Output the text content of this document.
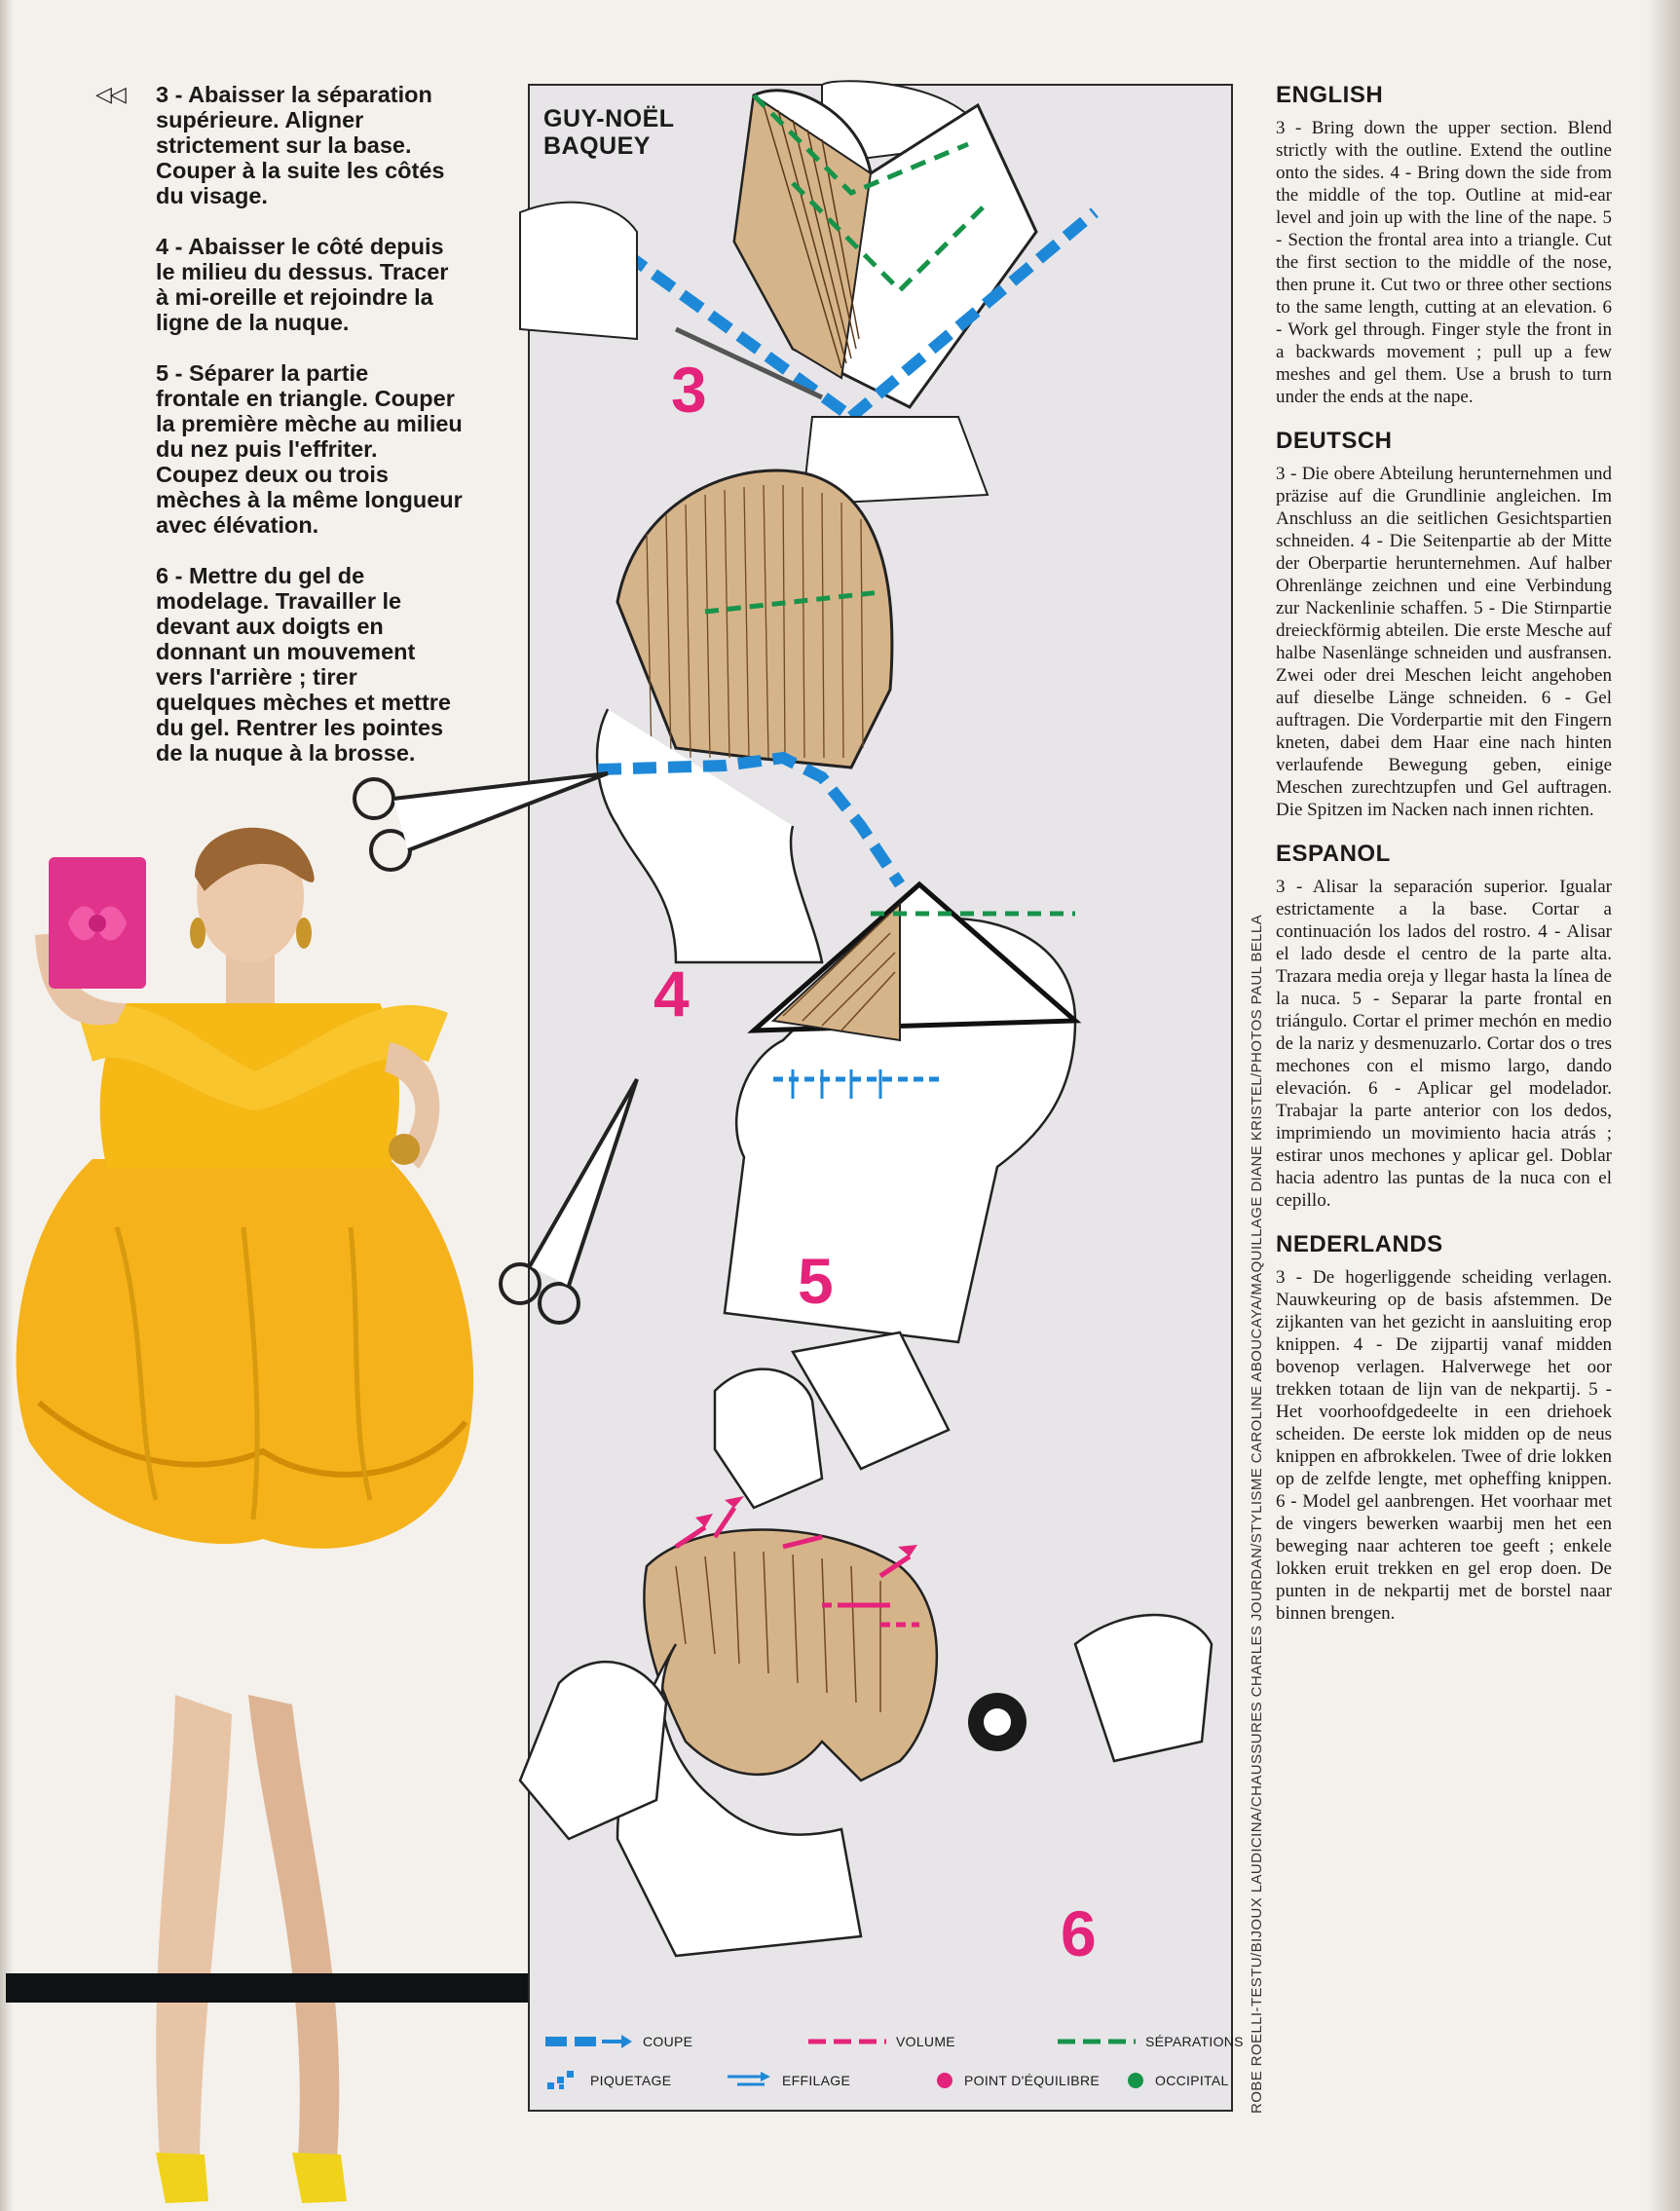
◁◁ 3 - Abaisser la séparation
supérieure. Aligner
strictement sur la base.
Couper à la suite les côtés
du visage.

4 - Abaisser le côté depuis
le milieu du dessus. Tracer
à mi-oreille et rejoindre la
ligne de la nuque.

5 - Séparer la partie
frontale en triangle. Couper
la première mèche au milieu
du nez puis l'effriter.
Coupez deux ou trois
mèches à la même longueur
avec élévation.

6 - Mettre du gel de
modelage. Travailler le
devant aux doigts en
donnant un mouvement
vers l'arrière ; tirer
quelques mèches et mettre
du gel. Rentrer les pointes
de la nuque à la brosse.

GUY-NOËL
BAQUEY
3
4
5
6
COUPE	VOLUME	SÉPARATIONS
PIQUETAGE	EFFILAGE	POINT D'ÉQUILIBRE	OCCIPITAL ROBE ROELLI-TESTU/BIJOUX LAUDICINA/CHAUSSURES CHARLES JOURDAN/STYLISME CAROLINE ABOUCAYA/MAQUILLAGE DIANE KRISTEL/PHOTOS PAUL BELLA
ENGLISH

3 - Bring down the upper section. Blend strictly with the outline. Extend the outline onto the sides. 4 - Bring down the side from the middle of the top. Outline at mid-ear level and join up with the line of the nape. 5 - Section the frontal area into a triangle. Cut the first section to the middle of the nose, then prune it. Cut two or three other sections to the same length, cutting at an elevation. 6 - Work gel through. Finger style the front in a backwards movement ; pull up a few meshes and gel them. Use a brush to turn under the ends at the nape.

DEUTSCH

3 - Die obere Abteilung herunternehmen und präzise auf die Grundlinie angleichen. Im Anschluss an die seitlichen Gesichtspartien schneiden. 4 - Die Seitenpartie ab der Mitte der Oberpartie herunternehmen. Auf halber Ohrenlänge zeichnen und eine Verbindung zur Nackenlinie schaffen. 5 - Die Stirnpartie dreieckförmig abteilen. Die erste Mesche auf halbe Nasenlänge schneiden und ausfransen. Zwei oder drei Meschen leicht angehoben auf dieselbe Länge schneiden. 6 - Gel auftragen. Die Vorderpartie mit den Fingern kneten, dabei dem Haar eine nach hinten verlaufende Bewegung geben, einige Meschen zurechtzupfen und Gel auftragen. Die Spitzen im Nacken nach innen richten.

ESPANOL

3 - Alisar la separación superior. Igualar estrictamente a la base. Cortar a continuación los lados del rostro. 4 - Alisar el lado desde el centro de la parte alta. Trazara media oreja y llegar hasta la línea de la nuca. 5 - Separar la parte frontal en triángulo. Cortar el primer mechón en medio de la nariz y desmenuzarlo. Cortar dos o tres mechones con el mismo largo, dando elevación. 6 - Aplicar gel modelador. Trabajar la parte anterior con los dedos, imprimiendo un movimiento hacia atrás ; estirar unos mechones y aplicar gel. Doblar hacia adentro las puntas de la nuca con el cepillo.

NEDERLANDS

3 - De hogerliggende scheiding verlagen. Nauwkeuring op de basis afstemmen. De zijkanten van het gezicht in aansluiting erop knippen. 4 - De zijpartij vanaf midden bovenop verlagen. Halverwege het oor trekken totaan de lijn van de nekpartij. 5 - Het voorhoofdgedeelte in een driehoek scheiden. De eerste lok midden op de neus knippen en afbrokkelen. Twee of drie lokken op de zelfde lengte, met opheffing knippen. 6 - Model gel aanbrengen. Het voorhaar met de vingers bewerken waarbij men het een beweging naar achteren toe geeft ; enkele lokken eruit trekken en gel erop doen. De punten in de nekpartij met de borstel naar binnen brengen.
